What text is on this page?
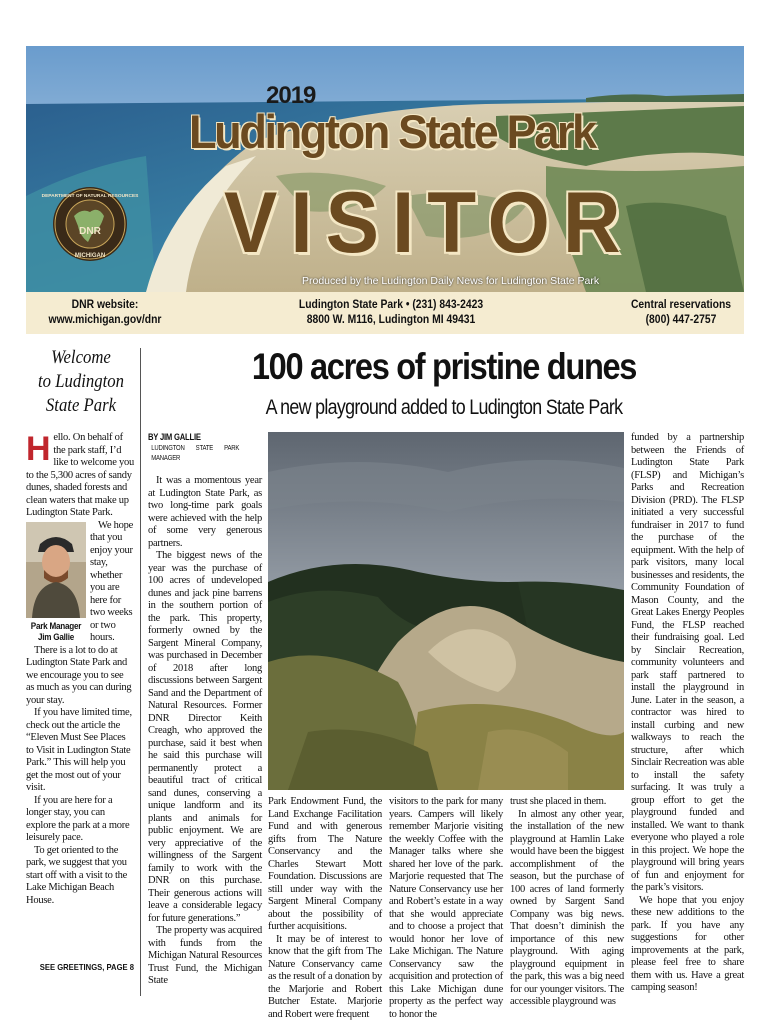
DNR
DEPARTMENT OF NATURAL RESOURCES
MICHIGAN
2019
Ludington State Park
VISITOR
Produced by the Ludington Daily News for Ludington State Park
DNR website:
www.michigan.gov/dnr
Ludington State Park • (231) 843-2423
8800 W. M116, Ludington MI 49431
Central reservations
(800) 447-2757
Welcome
to Ludington
State Park

Hello. On behalf of the park staff, I’d like to welcome you to the 5,300 acres of sandy dunes, shaded forests and clean waters that make up Ludington State Park.

Park Manager
Jim Gallie

We hope that you enjoy your stay, whether you are here for two weeks or two hours.

There is a lot to do at Ludington State Park and we encourage you to see as much as you can during your stay.

If you have limited time, check out the article the “Eleven Must See Places to Visit in Ludington State Park.” This will help you get the most out of your visit.

If you are here for a longer stay, you can explore the park at a more leisurely pace.

To get oriented to the park, we suggest that you start off with a visit to the Lake Michigan Beach House.

SEE GREETINGS, PAGE 8
100 acres of pristine dunes
A new playground added to Ludington State Park
BY JIM GALLIE
LUDINGTON STATE PARK MANAGER

It was a momentous year at Ludington State Park, as two long-time park goals were achieved with the help of some very generous partners.

The biggest news of the year was the purchase of 100 acres of undeveloped dunes and jack pine barrens in the southern portion of the park. This property, formerly owned by the Sargent Mineral Company, was purchased in December of 2018 after long discussions between Sargent Sand and the Department of Natural Resources. Former DNR Director Keith Creagh, who approved the purchase, said it best when he said this purchase will permanently protect a beautiful tract of critical sand dunes, conserving a unique landform and its plants and animals for public enjoyment. We are very appreciative of the willingness of the Sargent family to work with the DNR on this purchase. Their generous actions will leave a considerable legacy for future generations.”

The property was acquired with funds from the Michigan Natural Resources Trust Fund, the Michigan State

Park Endowment Fund, the Land Exchange Facilitation Fund and with generous gifts from The Nature Conservancy and the Charles Stewart Mott Foundation. Discussions are still under way with the Sargent Mineral Company about the possibility of further acquisitions.

It may be of interest to know that the gift from The Nature Conservancy came as the result of a donation by the Marjorie and Robert Butcher Estate. Marjorie and Robert were frequent

visitors to the park for many years. Campers will likely remember Marjorie visiting the weekly Coffee with the Manager talks where she shared her love of the park. Marjorie requested that The Nature Conservancy use her and Robert’s estate in a way that she would appreciate and to choose a project that would honor her love of Lake Michigan. The Nature Conservancy saw the acquisition and protection of this Lake Michigan dune property as the perfect way to honor the

trust she placed in them.

In almost any other year, the installation of the new playground at Hamlin Lake would have been the biggest accomplishment of the season, but the purchase of 100 acres of land formerly owned by Sargent Sand Company was big news. That doesn’t diminish the importance of this new playground. With aging playground equipment in the park, this was a big need for our younger visitors. The accessible playground was

funded by a partnership between the Friends of Ludington State Park (FLSP) and Michigan’s Parks and Recreation Division (PRD). The FLSP initiated a very successful fundraiser in 2017 to fund the purchase of the equipment. With the help of park visitors, many local businesses and residents, the Community Foundation of Mason County, and the Great Lakes Energy Peoples Fund, the FLSP reached their fundraising goal. Led by Sinclair Recreation, community volunteers and park staff partnered to install the playground in June. Later in the season, a contractor was hired to install curbing and new walkways to reach the structure, after which Sinclair Recreation was able to install the safety surfacing. It was truly a group effort to get the playground funded and installed. We want to thank everyone who played a role in this project. We hope the playground will bring years of fun and enjoyment for the park’s visitors.

We hope that you enjoy these new additions to the park. If you have any suggestions for other improvements at the park, please feel free to share them with us. Have a great camping season!
